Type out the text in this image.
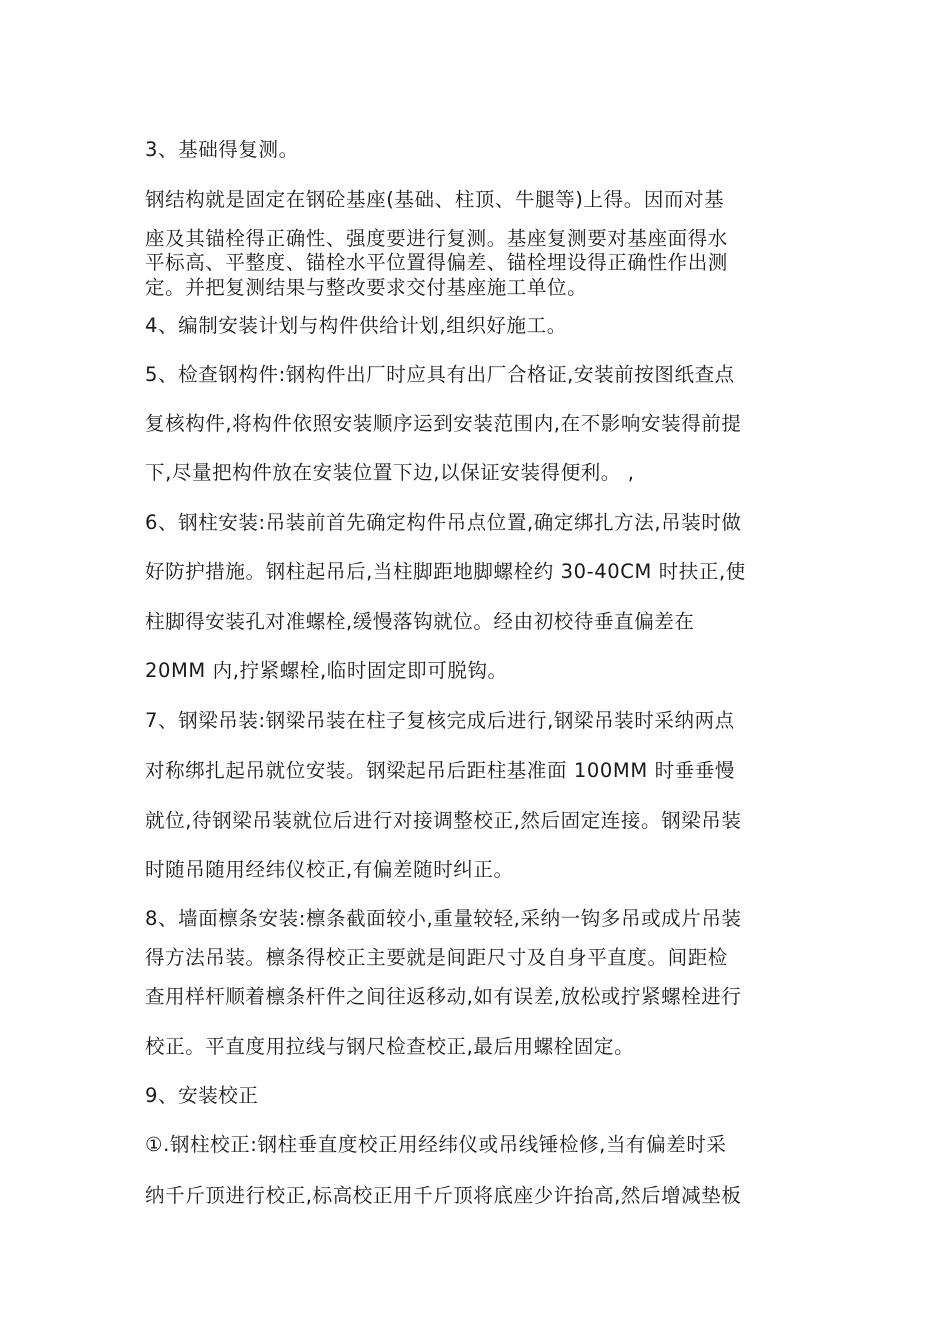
3、基础得复测。

钢结构就是固定在钢砼基座(基础、柱顶、牛腿等)上得。因而对基

座及其锚栓得正确性、强度要进行复测。基座复测要对基座面得水

平标高、平整度、锚栓水平位置得偏差、锚栓埋设得正确性作出测

定。并把复测结果与整改要求交付基座施工单位。

4、编制安装计划与构件供给计划,组织好施工。

5、检查钢构件:钢构件出厂时应具有出厂合格证,安装前按图纸查点

复核构件,将构件依照安装顺序运到安装范围内,在不影响安装得前提

下,尽量把构件放在安装位置下边,以保证安装得便利。 ,

6、钢柱安装:吊装前首先确定构件吊点位置,确定绑扎方法,吊装时做

好防护措施。钢柱起吊后,当柱脚距地脚螺栓约 30-40CM 时扶正,使

柱脚得安装孔对准螺栓,缓慢落钩就位。经由初校待垂直偏差在

20MM 内,拧紧螺栓,临时固定即可脱钩。

7、钢梁吊装:钢梁吊装在柱子复核完成后进行,钢梁吊装时采纳两点

对称绑扎起吊就位安装。钢梁起吊后距柱基准面 100MM 时垂垂慢

就位,待钢梁吊装就位后进行对接调整校正,然后固定连接。钢梁吊装

时随吊随用经纬仪校正,有偏差随时纠正。

8、墙面檩条安装:檩条截面较小,重量较轻,采纳一钩多吊或成片吊装

得方法吊装。檩条得校正主要就是间距尺寸及自身平直度。间距检

查用样杆顺着檩条杆件之间往返移动,如有误差,放松或拧紧螺栓进行

校正。平直度用拉线与钢尺检查校正,最后用螺栓固定。

9、安装校正

①.钢柱校正:钢柱垂直度校正用经纬仪或吊线锤检修,当有偏差时采

纳千斤顶进行校正,标高校正用千斤顶将底座少许抬高,然后增减垫板
